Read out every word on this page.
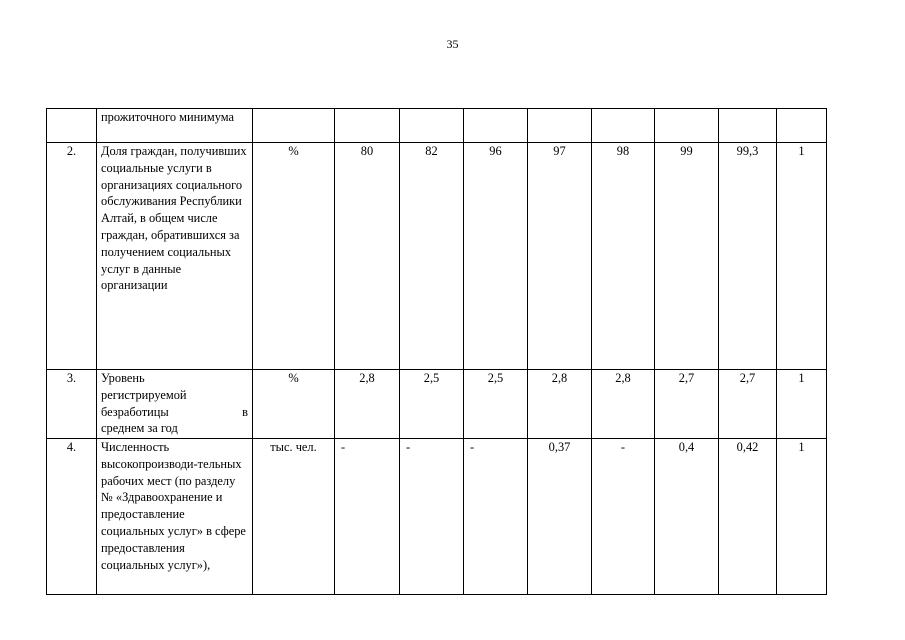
35
	прожиточного минимума									
2.	Доля граждан, получивших социальные услуги в организациях социального обслуживания Республики Алтай, в общем числе граждан, обратившихся за получением социальных услуг в данные организации	%	80	82	96	97	98	99	99,3	1
3.	Уровень
регистрируемой
безработицы в
среднем за год	%	2,8	2,5	2,5	2,8	2,8	2,7	2,7	1
4.	Численность высокопроизводи-тельных рабочих мест (по разделу № «Здравоохранение и предоставление социальных услуг» в сфере предоставления социальных услуг»),	тыс. чел.	-	-	-	0,37	-	0,4	0,42	1
